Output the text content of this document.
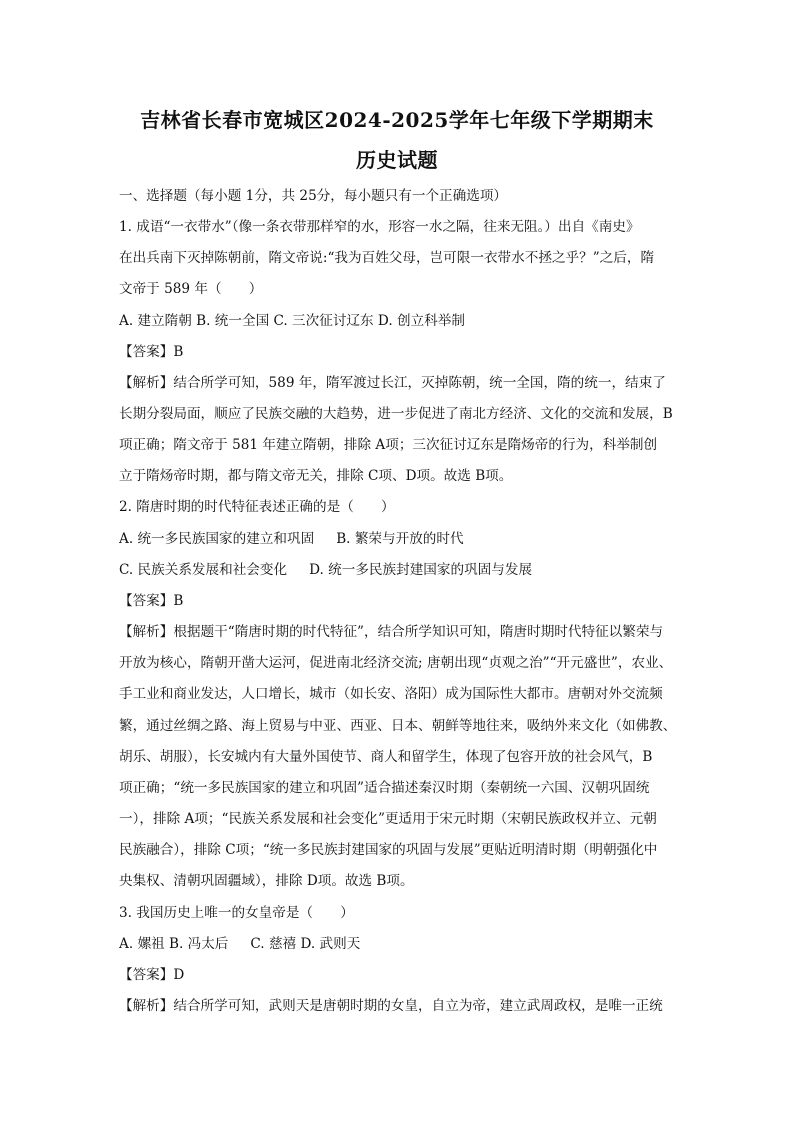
吉林省长春市宽城区2024-2025学年七年级下学期期末
历史试题
一、选择题（每小题 1分，共 25分，每小题只有一个正确选项）
1. 成语“一衣带水”（像一条衣带那样窄的水，形容一水之隔，往来无阻。）出自《南史》
在出兵南下灭掉陈朝前，隋文帝说:“我为百姓父母，岂可限一衣带水不拯之乎？”之后，隋
文帝于 589 年（　　）
A. 建立隋朝 B. 统一全国 C. 三次征讨辽东 D. 创立科举制
【答案】B
【解析】结合所学可知，589 年，隋军渡过长江，灭掉陈朝，统一全国，隋的统一，结束了
长期分裂局面，顺应了民族交融的大趋势，进一步促进了南北方经济、文化的交流和发展，B
项正确；隋文帝于 581 年建立隋朝，排除 A项；三次征讨辽东是隋炀帝的行为，科举制创
立于隋炀帝时期，都与隋文帝无关，排除 C项、D项。故选 B项。
2. 隋唐时期的时代特征表述正确的是（　　）
A. 统一多民族国家的建立和巩固 B. 繁荣与开放的时代
C. 民族关系发展和社会变化 D. 统一多民族封建国家的巩固与发展
【答案】B
【解析】根据题干“隋唐时期的时代特征”，结合所学知识可知，隋唐时期时代特征以繁荣与
开放为核心，隋朝开凿大运河，促进南北经济交流; 唐朝出现“贞观之治”“开元盛世”，农业、
手工业和商业发达，人口增长，城市（如长安、洛阳）成为国际性大都市。唐朝对外交流频
繁，通过丝绸之路、海上贸易与中亚、西亚、日本、朝鲜等地往来，吸纳外来文化（如佛教、
胡乐、胡服），长安城内有大量外国使节、商人和留学生，体现了包容开放的社会风气，B
项正确；“统一多民族国家的建立和巩固”适合描述秦汉时期（秦朝统一六国、汉朝巩固统
一），排除 A项；“民族关系发展和社会变化”更适用于宋元时期（宋朝民族政权并立、元朝
民族融合），排除 C项；“统一多民族封建国家的巩固与发展”更贴近明清时期（明朝强化中
央集权、清朝巩固疆域），排除 D项。故选 B项。
3. 我国历史上唯一的女皇帝是（　　）
A. 嫘祖 B. 冯太后 C. 慈禧 D. 武则天
【答案】D
【解析】结合所学可知，武则天是唐朝时期的女皇，自立为帝，建立武周政权，是唯一正统
